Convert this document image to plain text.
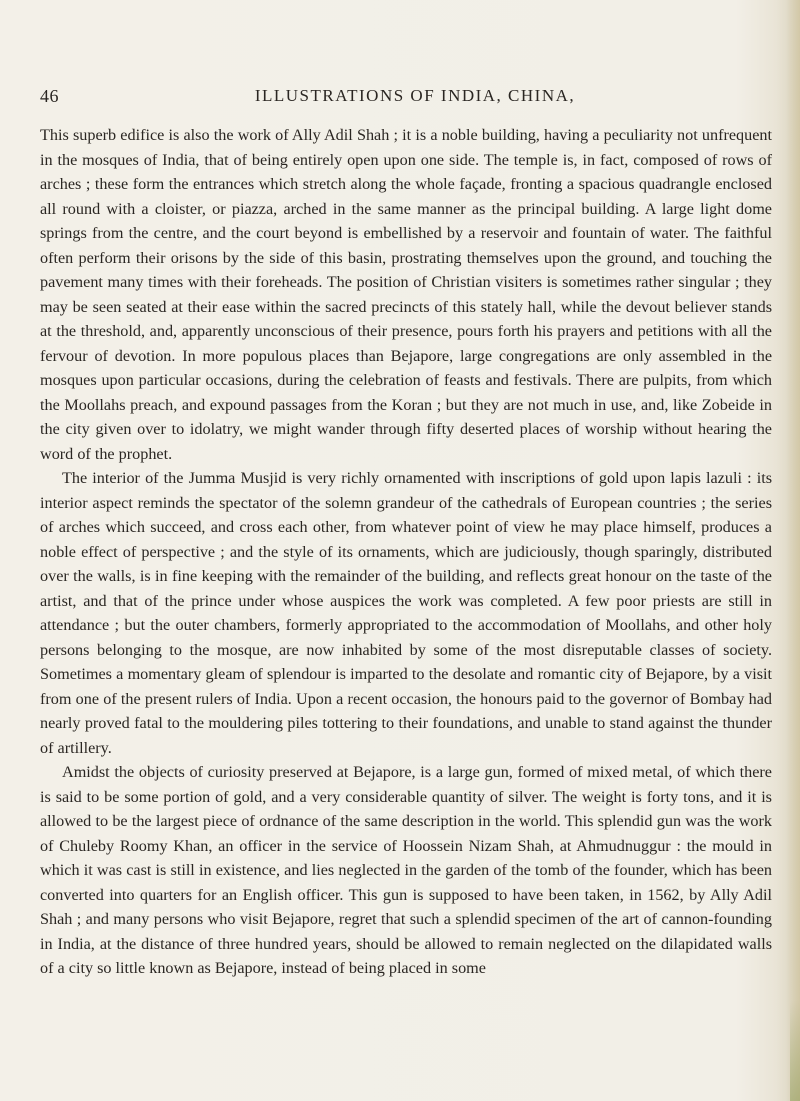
46	ILLUSTRATIONS OF INDIA, CHINA,

This superb edifice is also the work of Ally Adil Shah ; it is a noble building, having a peculiarity not unfrequent in the mosques of India, that of being entirely open upon one side. The temple is, in fact, composed of rows of arches ; these form the entrances which stretch along the whole façade, fronting a spacious quadrangle enclosed all round with a cloister, or piazza, arched in the same manner as the principal building. A large light dome springs from the centre, and the court beyond is embellished by a reservoir and fountain of water. The faithful often perform their orisons by the side of this basin, prostrating themselves upon the ground, and touching the pavement many times with their foreheads. The position of Christian visiters is sometimes rather singular ; they may be seen seated at their ease within the sacred precincts of this stately hall, while the devout believer stands at the threshold, and, apparently unconscious of their presence, pours forth his prayers and petitions with all the fervour of devotion. In more populous places than Bejapore, large congregations are only assembled in the mosques upon particular occasions, during the celebration of feasts and festivals. There are pulpits, from which the Moollahs preach, and expound passages from the Koran ; but they are not much in use, and, like Zobeide in the city given over to idolatry, we might wander through fifty deserted places of worship without hearing the word of the prophet.

The interior of the Jumma Musjid is very richly ornamented with inscriptions of gold upon lapis lazuli : its interior aspect reminds the spectator of the solemn grandeur of the cathedrals of European countries ; the series of arches which succeed, and cross each other, from whatever point of view he may place himself, produces a noble effect of perspective ; and the style of its ornaments, which are judiciously, though sparingly, distributed over the walls, is in fine keeping with the remainder of the building, and reflects great honour on the taste of the artist, and that of the prince under whose auspices the work was completed. A few poor priests are still in attendance ; but the outer chambers, formerly appropriated to the accommodation of Moollahs, and other holy persons belonging to the mosque, are now inhabited by some of the most disreputable classes of society. Sometimes a momentary gleam of splendour is imparted to the desolate and romantic city of Bejapore, by a visit from one of the present rulers of India. Upon a recent occasion, the honours paid to the governor of Bombay had nearly proved fatal to the mouldering piles tottering to their foundations, and unable to stand against the thunder of artillery.

Amidst the objects of curiosity preserved at Bejapore, is a large gun, formed of mixed metal, of which there is said to be some portion of gold, and a very considerable quantity of silver. The weight is forty tons, and it is allowed to be the largest piece of ordnance of the same description in the world. This splendid gun was the work of Chuleby Roomy Khan, an officer in the service of Hoossein Nizam Shah, at Ahmudnuggur : the mould in which it was cast is still in existence, and lies neglected in the garden of the tomb of the founder, which has been converted into quarters for an English officer. This gun is supposed to have been taken, in 1562, by Ally Adil Shah ; and many persons who visit Bejapore, regret that such a splendid specimen of the art of cannon-founding in India, at the distance of three hundred years, should be allowed to remain neglected on the dilapidated walls of a city so little known as Bejapore, instead of being placed in some
